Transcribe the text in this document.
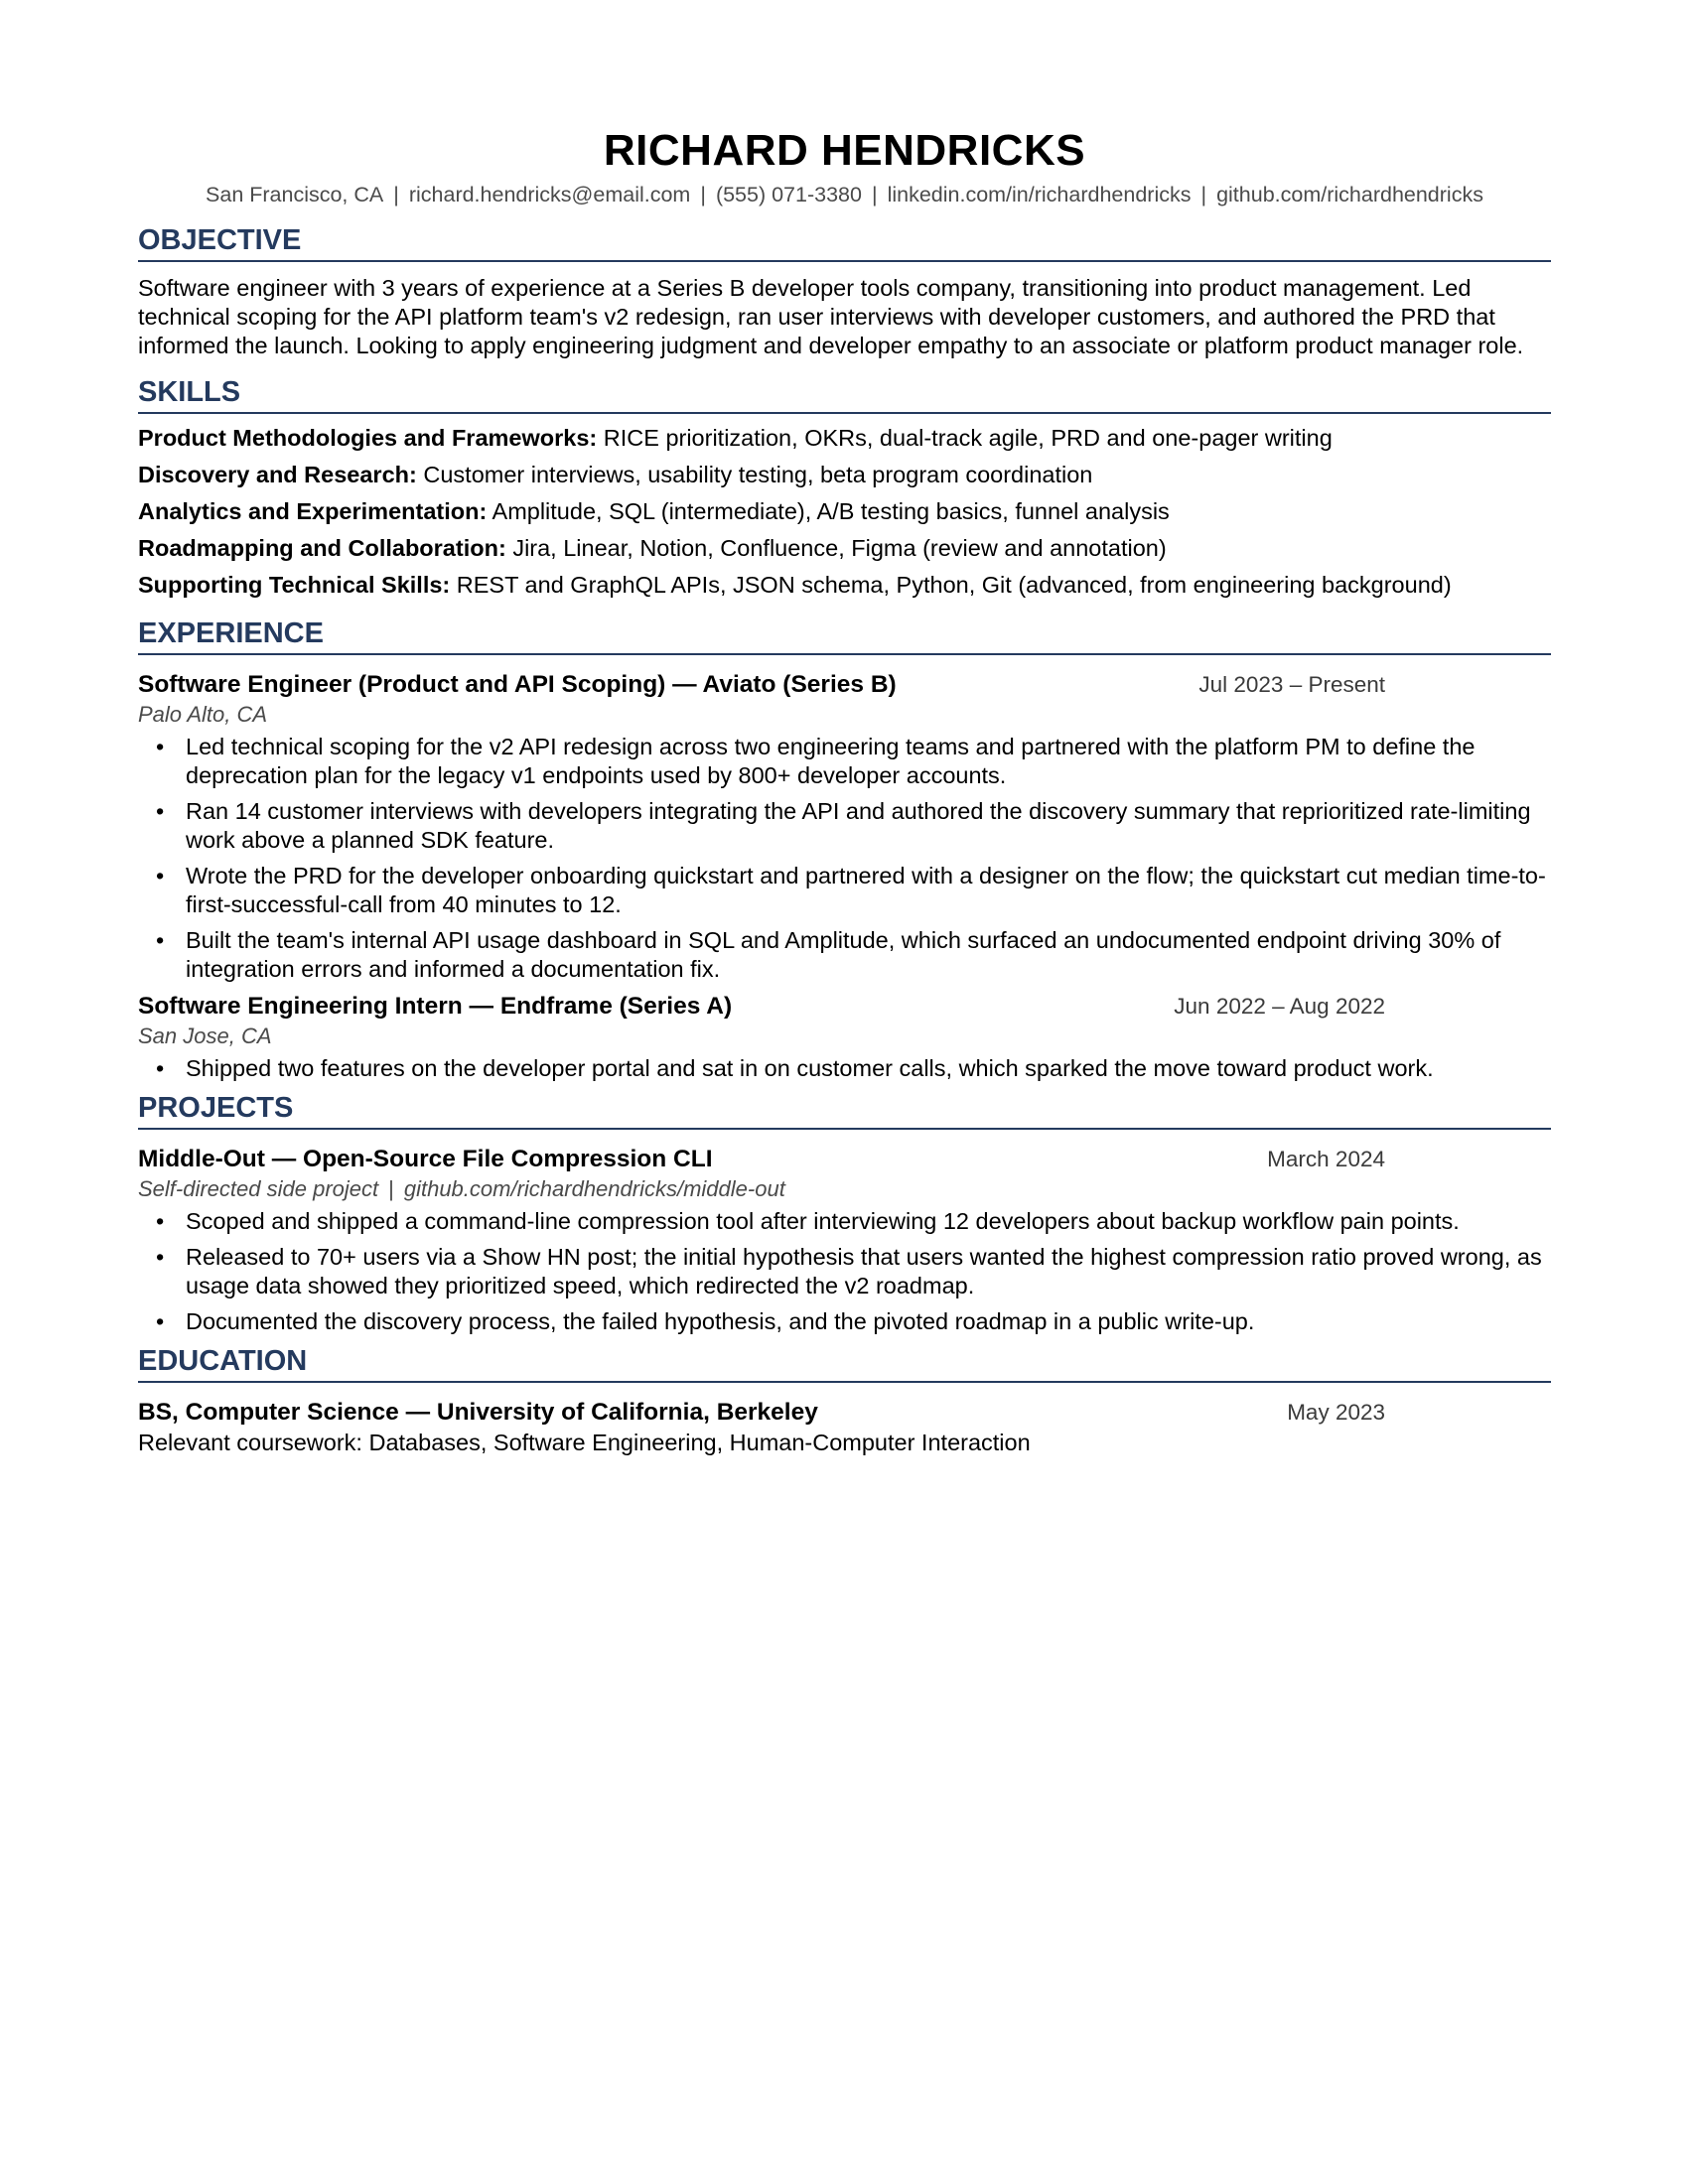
RICHARD HENDRICKS
San Francisco, CA | richard.hendricks@email.com | (555) 071-3380 | linkedin.com/in/richardhendricks | github.com/richardhendricks
OBJECTIVE
Software engineer with 3 years of experience at a Series B developer tools company, transitioning into product management. Led technical scoping for the API platform team's v2 redesign, ran user interviews with developer customers, and authored the PRD that informed the launch. Looking to apply engineering judgment and developer empathy to an associate or platform product manager role.
SKILLS
Product Methodologies and Frameworks: RICE prioritization, OKRs, dual-track agile, PRD and one-pager writing
Discovery and Research: Customer interviews, usability testing, beta program coordination
Analytics and Experimentation: Amplitude, SQL (intermediate), A/B testing basics, funnel analysis
Roadmapping and Collaboration: Jira, Linear, Notion, Confluence, Figma (review and annotation)
Supporting Technical Skills: REST and GraphQL APIs, JSON schema, Python, Git (advanced, from engineering background)
EXPERIENCE
Software Engineer (Product and API Scoping) — Aviato (Series B)	Jul 2023 – Present
Palo Alto, CA
• Led technical scoping for the v2 API redesign across two engineering teams and partnered with the platform PM to define the deprecation plan for the legacy v1 endpoints used by 800+ developer accounts.
• Ran 14 customer interviews with developers integrating the API and authored the discovery summary that reprioritized rate-limiting work above a planned SDK feature.
• Wrote the PRD for the developer onboarding quickstart and partnered with a designer on the flow; the quickstart cut median time-to-first-successful-call from 40 minutes to 12.
• Built the team's internal API usage dashboard in SQL and Amplitude, which surfaced an undocumented endpoint driving 30% of integration errors and informed a documentation fix.
Software Engineering Intern — Endframe (Series A)	Jun 2022 – Aug 2022
San Jose, CA
• Shipped two features on the developer portal and sat in on customer calls, which sparked the move toward product work.
PROJECTS
Middle-Out — Open-Source File Compression CLI	March 2024
Self-directed side project | github.com/richardhendricks/middle-out
• Scoped and shipped a command-line compression tool after interviewing 12 developers about backup workflow pain points.
• Released to 70+ users via a Show HN post; the initial hypothesis that users wanted the highest compression ratio proved wrong, as usage data showed they prioritized speed, which redirected the v2 roadmap.
• Documented the discovery process, the failed hypothesis, and the pivoted roadmap in a public write-up.
EDUCATION
BS, Computer Science — University of California, Berkeley	May 2023
Relevant coursework: Databases, Software Engineering, Human-Computer Interaction
